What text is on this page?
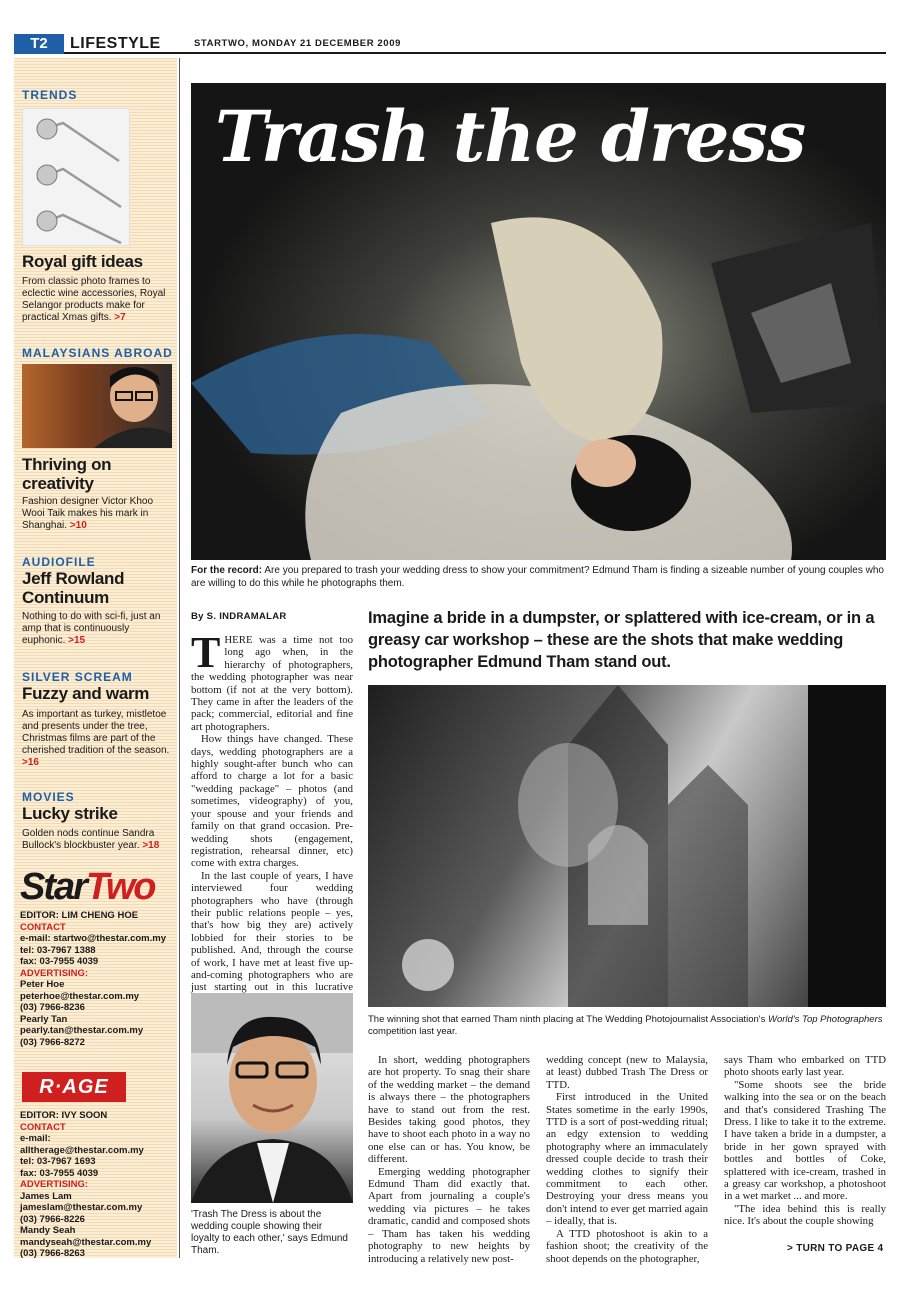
T2	LIFESTYLE	STARTWO, MONDAY 21 DECEMBER 2009
TRENDS
Royal gift ideas
From classic photo frames to eclectic wine accessories, Royal Selangor products make for practical Xmas gifts. >7
MALAYSIANS ABROAD
Thriving on creativity
Fashion designer Victor Khoo Wooi Taik makes his mark in Shanghai. >10
AUDIOFILE
Jeff Rowland Continuum
Nothing to do with sci-fi, just an amp that is continuously euphonic. >15
SILVER SCREAM
Fuzzy and warm
As important as turkey, mistletoe and presents under the tree, Christmas films are part of the cherished tradition of the season. >16
MOVIES
Lucky strike
Golden nods continue Sandra Bullock's blockbuster year. >18
StarTwo
EDITOR: LIM CHENG HOE
CONTACT
e-mail: startwo@thestar.com.my
tel: 03-7967 1388
fax: 03-7955 4039
ADVERTISING:
Peter Hoe
peterhoe@thestar.com.my
(03) 7966-8236
Pearly Tan
pearly.tan@thestar.com.my
(03) 7966-8272
R·AGE
EDITOR: IVY SOON
CONTACT
e-mail: alltherage@thestar.com.my
tel: 03-7967 1693
fax: 03-7955 4039
ADVERTISING:
James Lam
jameslam@thestar.com.my
(03) 7966-8226
Mandy Seah
mandyseah@thestar.com.my
(03) 7966-8263
Trash the dress
For the record: Are you prepared to trash your wedding dress to show your commitment? Edmund Tham is finding a sizeable number of young couples who are willing to do this while he photographs them.
By S. INDRAMALAR	Imagine a bride in a dumpster, or splattered with ice-cream, or in a greasy car workshop – these are the shots that make wedding photographer Edmund Tham stand out.

THERE was a time not too long ago when, in the hierarchy of photographers, the wedding photographer was near bottom (if not at the very bottom). They came in after the leaders of the pack; commercial, editorial and fine art photographers.

How things have changed. These days, wedding photographers are a highly sought-after bunch who can afford to charge a lot for a basic "wedding package" – photos (and sometimes, videography) of you, your spouse and your friends and family on that grand occasion. Pre-wedding shots (engagement, registration, rehearsal dinner, etc) come with extra charges.

In the last couple of years, I have interviewed four wedding photographers who have (through their public relations people – yes, that's how big they are) actively lobbied for their stories to be published. And, through the course of work, I have met at least five up-and-coming photographers who are just starting out in this lucrative

The winning shot that earned Tham ninth placing at The Wedding Photojournalist Association's World's Top Photographers competition last year.
'Trash The Dress is about the wedding couple showing their loyalty to each other,' says Edmund Tham.

In short, wedding photographers are hot property. To snag their share of the wedding market – the demand is always there – the photographers have to stand out from the rest. Besides taking good photos, they have to shoot each photo in a way no one else can or has. You know, be different.

Emerging wedding photographer Edmund Tham did exactly that. Apart from journaling a couple's wedding via pictures – he takes dramatic, candid and composed shots – Tham has taken his wedding photography to new heights by introducing a relatively new post-

wedding concept (new to Malaysia, at least) dubbed Trash The Dress or TTD.

First introduced in the United States sometime in the early 1990s, TTD is a sort of post-wedding ritual; an edgy extension to wedding photography where an immaculately dressed couple decide to trash their wedding clothes to signify their commitment to each other. Destroying your dress means you don't intend to ever get married again – ideally, that is.

A TTD photoshoot is akin to a fashion shoot; the creativity of the shoot depends on the photographer,

says Tham who embarked on TTD photo shoots early last year.

"Some shoots see the bride walking into the sea or on the beach and that's considered Trashing The Dress. I like to take it to the extreme. I have taken a bride in a dumpster, a bride in her gown sprayed with bottles and bottles of Coke, splattered with ice-cream, trashed in a greasy car workshop, a photoshoot in a wet market ... and more.

"The idea behind this is really nice. It's about the couple showing

> TURN TO PAGE 4
